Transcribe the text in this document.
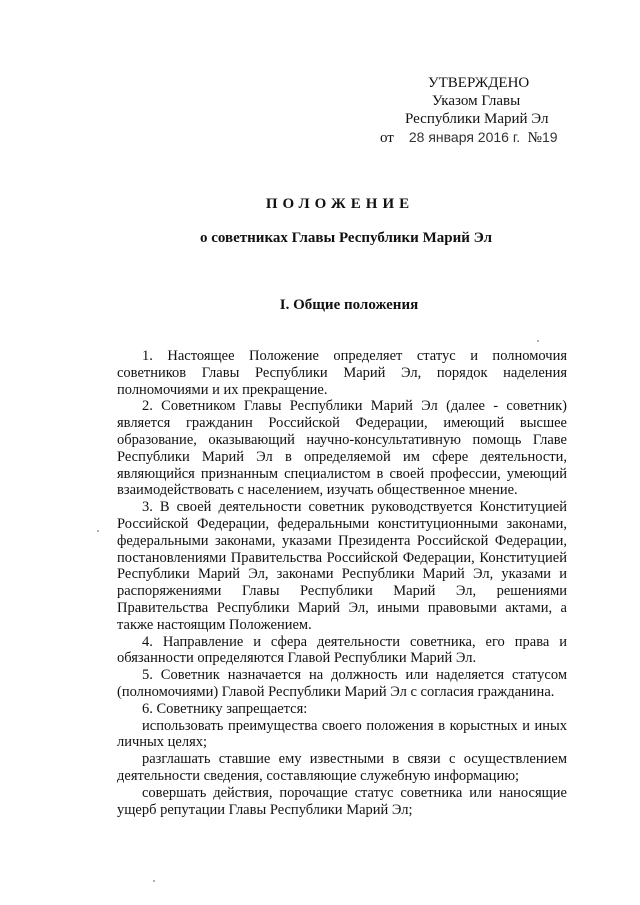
УТВЕРЖДЕНО
Указом Главы
Республики Марий Эл
от 28 января 2016 г. №19
ПОЛОЖЕНИЕ
о советниках Главы Республики Марий Эл
I. Общие положения

1. Настоящее Положение определяет статус и полномочия советников Главы Республики Марий Эл, порядок наделения полномочиями и их прекращение.

2. Советником Главы Республики Марий Эл (далее - советник) является гражданин Российской Федерации, имеющий высшее образование, оказывающий научно-консультативную помощь Главе Республики Марий Эл в определяемой им сфере деятельности, являющийся признанным специалистом в своей профессии, умеющий взаимодействовать с населением, изучать общественное мнение.

3. В своей деятельности советник руководствуется Конституцией Российской Федерации, федеральными конституционными законами, федеральными законами, указами Президента Российской Федерации, постановлениями Правительства Российской Федерации, Конституцией Республики Марий Эл, законами Республики Марий Эл, указами и распоряжениями Главы Республики Марий Эл, решениями Правительства Республики Марий Эл, иными правовыми актами, а также настоящим Положением.

4. Направление и сфера деятельности советника, его права и обязанности определяются Главой Республики Марий Эл.

5. Советник назначается на должность или наделяется статусом (полномочиями) Главой Республики Марий Эл с согласия гражданина.

6. Советнику запрещается:

использовать преимущества своего положения в корыстных и иных личных целях;

разглашать ставшие ему известными в связи с осуществлением деятельности сведения, составляющие служебную информацию;

совершать действия, порочащие статус советника или наносящие ущерб репутации Главы Республики Марий Эл;
